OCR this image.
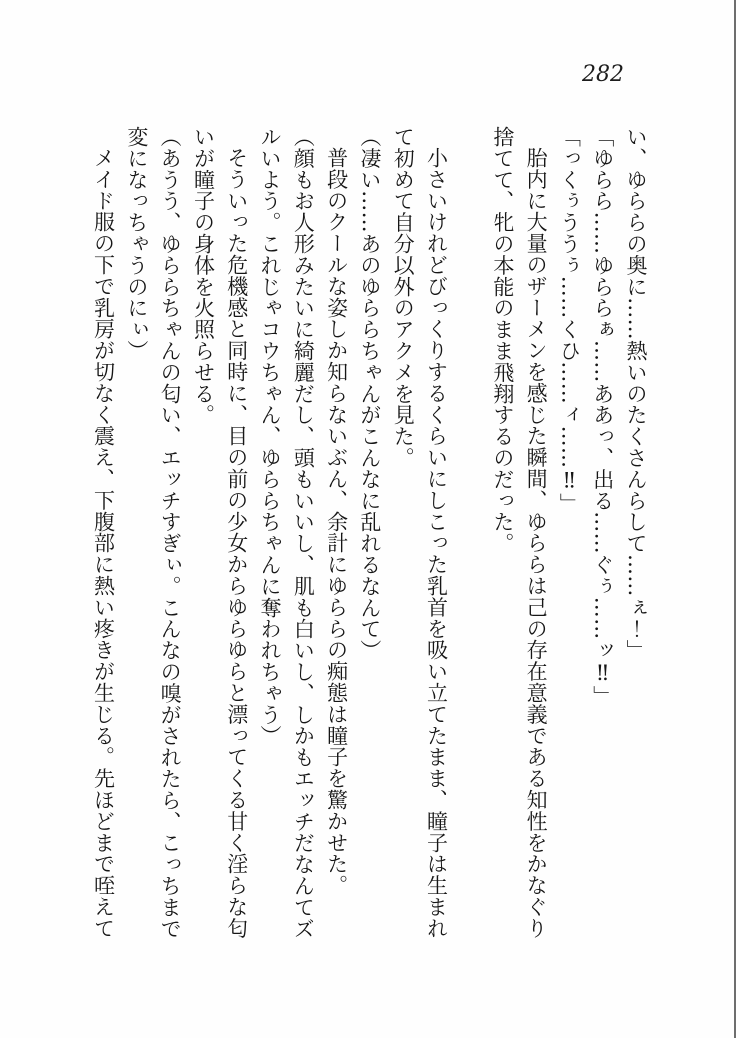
282

い、ゆららの奥に……熱いのたくさんらして……ぇ！」

「ゆらら……ゆららぁ……ああっ、出る……ぐぅ……ッ‼」

「っくぅううぅ……くひ……ィ……‼」

胎内に大量のザーメンを感じた瞬間、ゆららは己の存在意義である知性をかなぐり捨てて、牝の本能のまま飛翔するのだった。

小さいけれどびっくりするくらいにしこった乳首を吸い立てたまま、瞳子は生まれて初めて自分以外のアクメを見た。

（凄い……あのゆららちゃんがこんなに乱れるなんて）

普段のクールな姿しか知らないぶん、余計にゆららの痴態は瞳子を驚かせた。

（顔もお人形みたいに綺麗だし、頭もいいし、肌も白いし、しかもエッチだなんてズルいよう。これじゃコウちゃん、ゆららちゃんに奪われちゃう）

そういった危機感と同時に、目の前の少女からゆらゆらと漂ってくる甘く淫らな匂いが瞳子の身体を火照らせる。

（あうう、ゆららちゃんの匂い、エッチすぎぃ。こんなの嗅がされたら、こっちまで変になっちゃうのにぃ）

メイド服の下で乳房が切なく震え、下腹部に熱い疼きが生じる。先ほどまで咥えて
